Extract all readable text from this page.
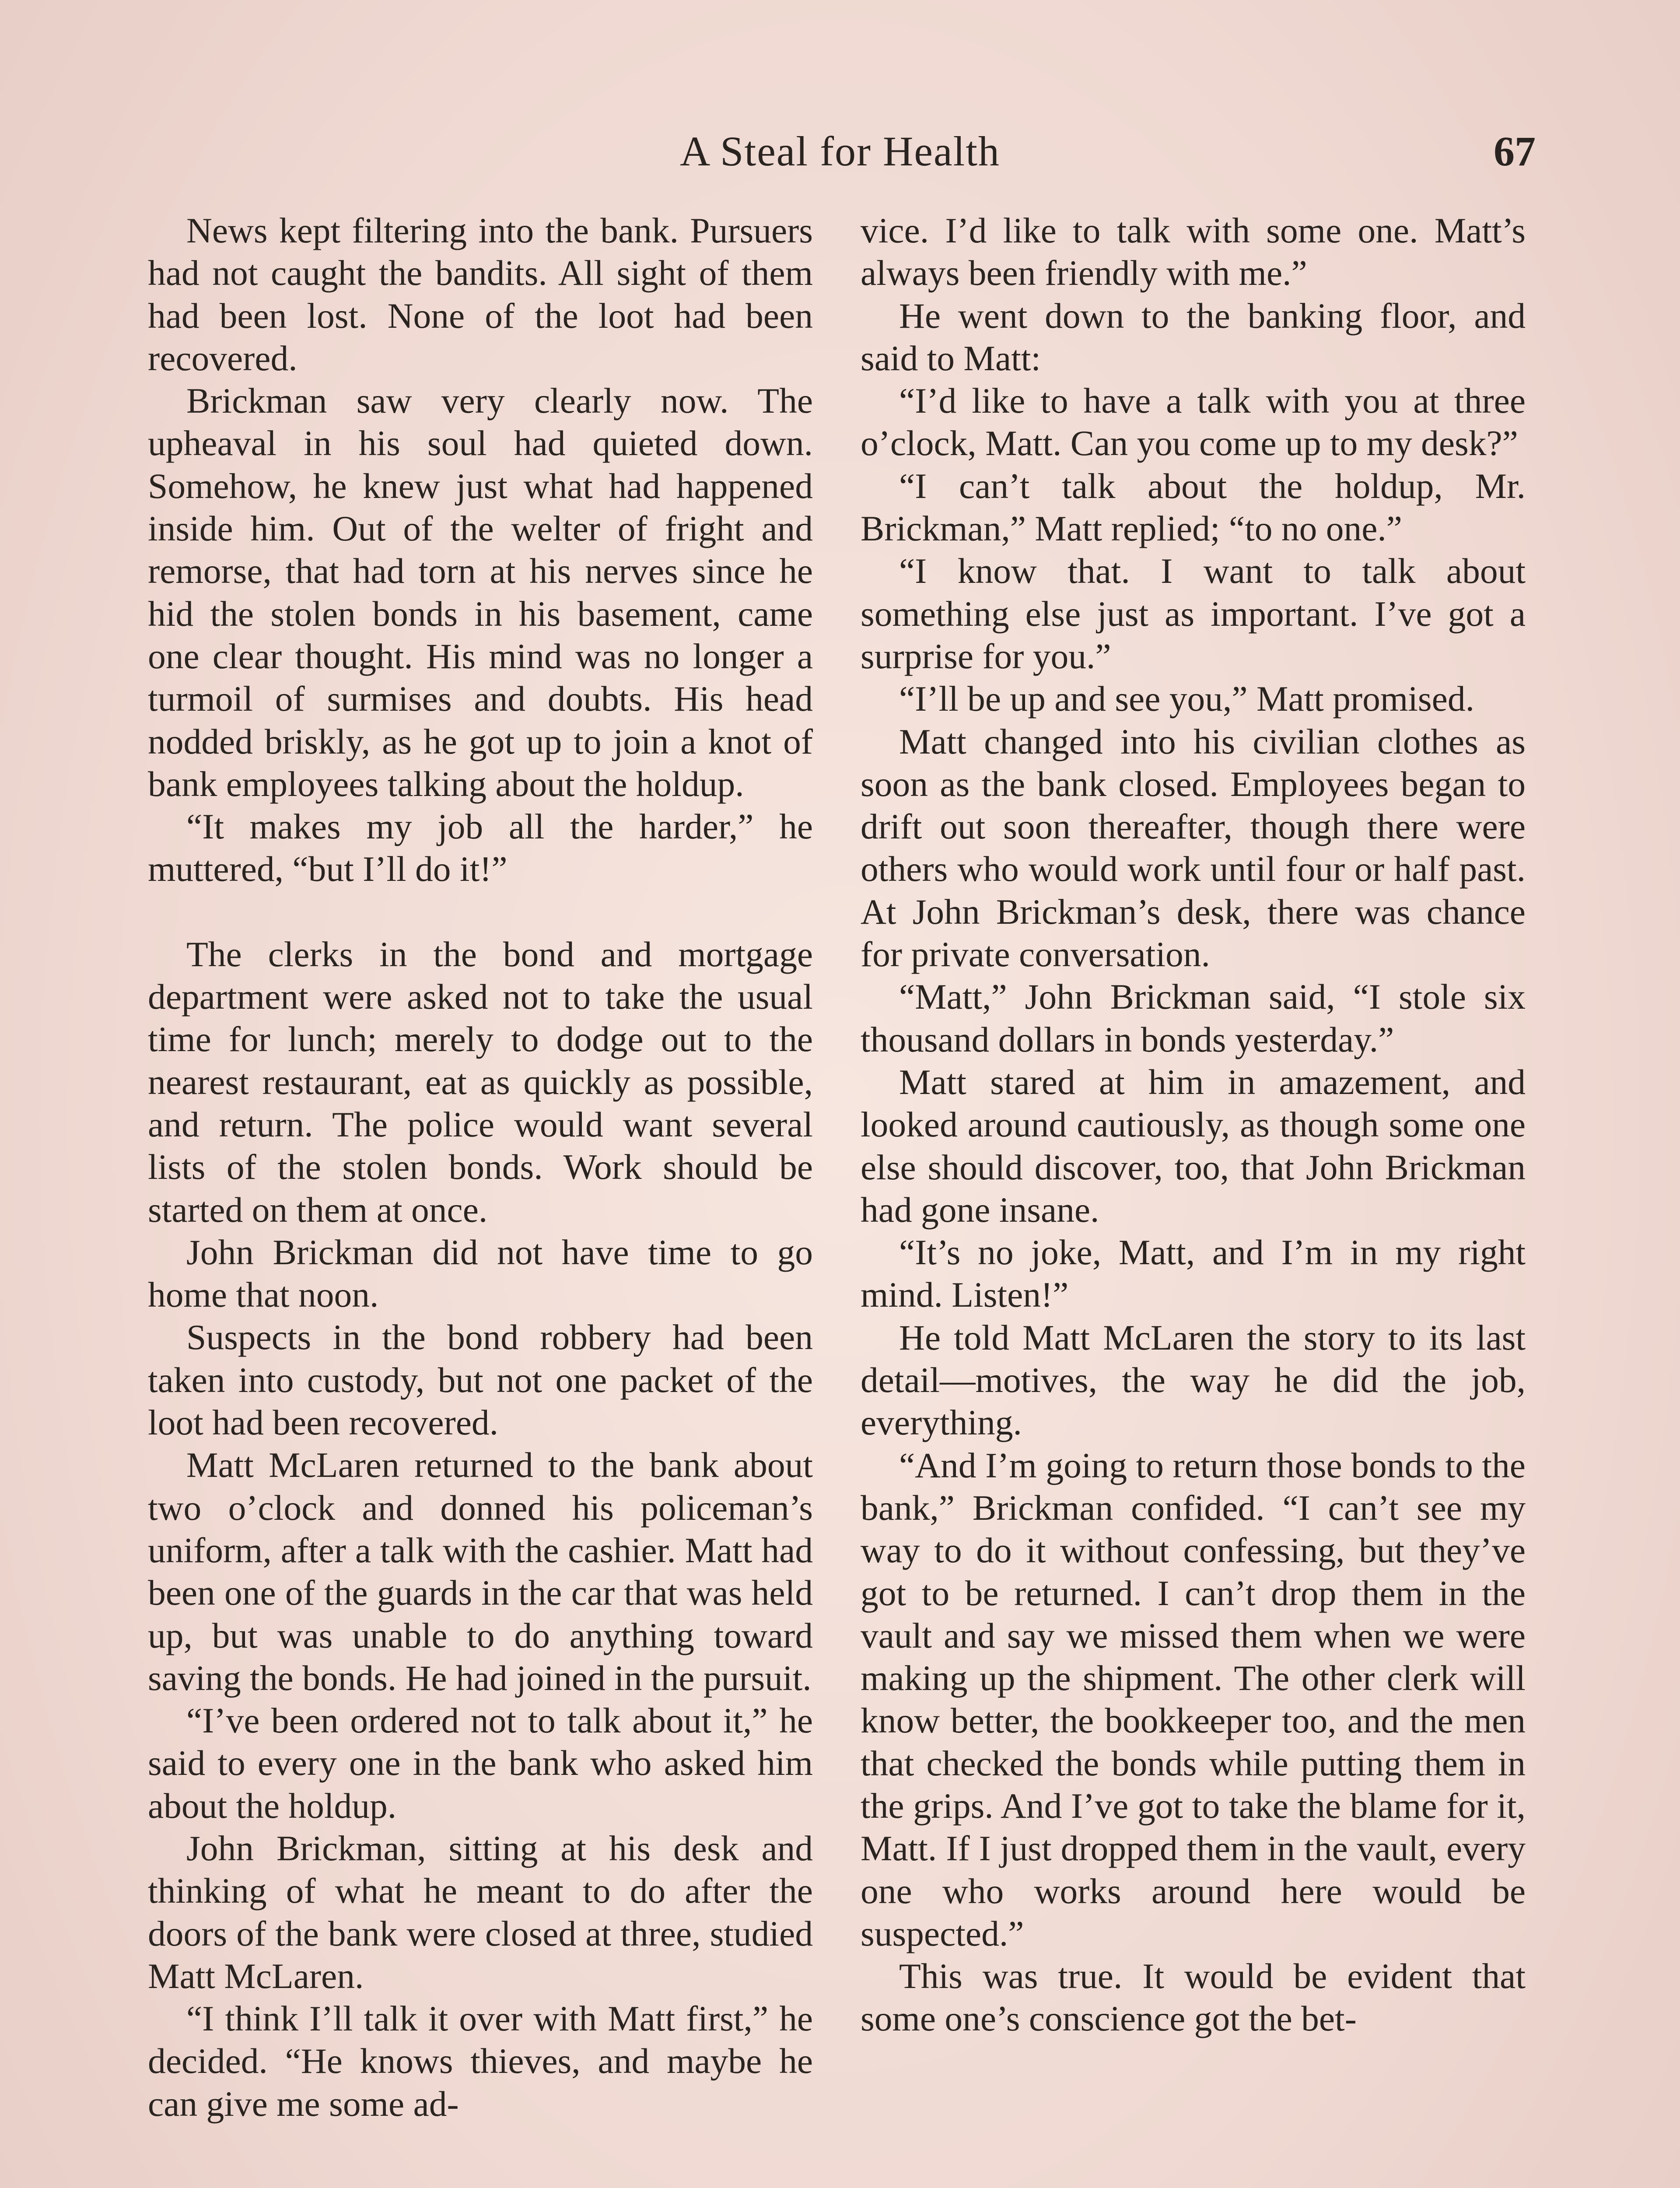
A Steal for Health	67

News kept filtering into the bank. Pursuers had not caught the bandits. All sight of them had been lost. None of the loot had been recovered.

Brickman saw very clearly now. The upheaval in his soul had quieted down. Somehow, he knew just what had happened inside him. Out of the welter of fright and remorse, that had torn at his nerves since he hid the stolen bonds in his basement, came one clear thought. His mind was no longer a turmoil of surmises and doubts. His head nodded briskly, as he got up to join a knot of bank employees talking about the holdup.

“It makes my job all the harder,” he muttered, “but I’ll do it!”

The clerks in the bond and mortgage department were asked not to take the usual time for lunch; merely to dodge out to the nearest restaurant, eat as quickly as possible, and return. The police would want several lists of the stolen bonds. Work should be started on them at once.

John Brickman did not have time to go home that noon.

Suspects in the bond robbery had been taken into custody, but not one packet of the loot had been recovered.

Matt McLaren returned to the bank about two o’clock and donned his policeman’s uniform, after a talk with the cashier. Matt had been one of the guards in the car that was held up, but was unable to do anything toward saving the bonds. He had joined in the pursuit.

“I’ve been ordered not to talk about it,” he said to every one in the bank who asked him about the holdup.

John Brickman, sitting at his desk and thinking of what he meant to do after the doors of the bank were closed at three, studied Matt McLaren.

“I think I’ll talk it over with Matt first,” he decided. “He knows thieves, and maybe he can give me some ad-

vice. I’d like to talk with some one. Matt’s always been friendly with me.”

He went down to the banking floor, and said to Matt:

“I’d like to have a talk with you at three o’clock, Matt. Can you come up to my desk?”

“I can’t talk about the holdup, Mr. Brickman,” Matt replied; “to no one.”

“I know that. I want to talk about something else just as important. I’ve got a surprise for you.”

“I’ll be up and see you,” Matt promised.

Matt changed into his civilian clothes as soon as the bank closed. Employees began to drift out soon thereafter, though there were others who would work until four or half past. At John Brickman’s desk, there was chance for private conversation.

“Matt,” John Brickman said, “I stole six thousand dollars in bonds yesterday.”

Matt stared at him in amazement, and looked around cautiously, as though some one else should discover, too, that John Brickman had gone insane.

“It’s no joke, Matt, and I’m in my right mind. Listen!”

He told Matt McLaren the story to its last detail—motives, the way he did the job, everything.

“And I’m going to return those bonds to the bank,” Brickman confided. “I can’t see my way to do it without confessing, but they’ve got to be returned. I can’t drop them in the vault and say we missed them when we were making up the shipment. The other clerk will know better, the bookkeeper too, and the men that checked the bonds while putting them in the grips. And I’ve got to take the blame for it, Matt. If I just dropped them in the vault, every one who works around here would be suspected.”

This was true. It would be evident that some one’s conscience got the bet-
